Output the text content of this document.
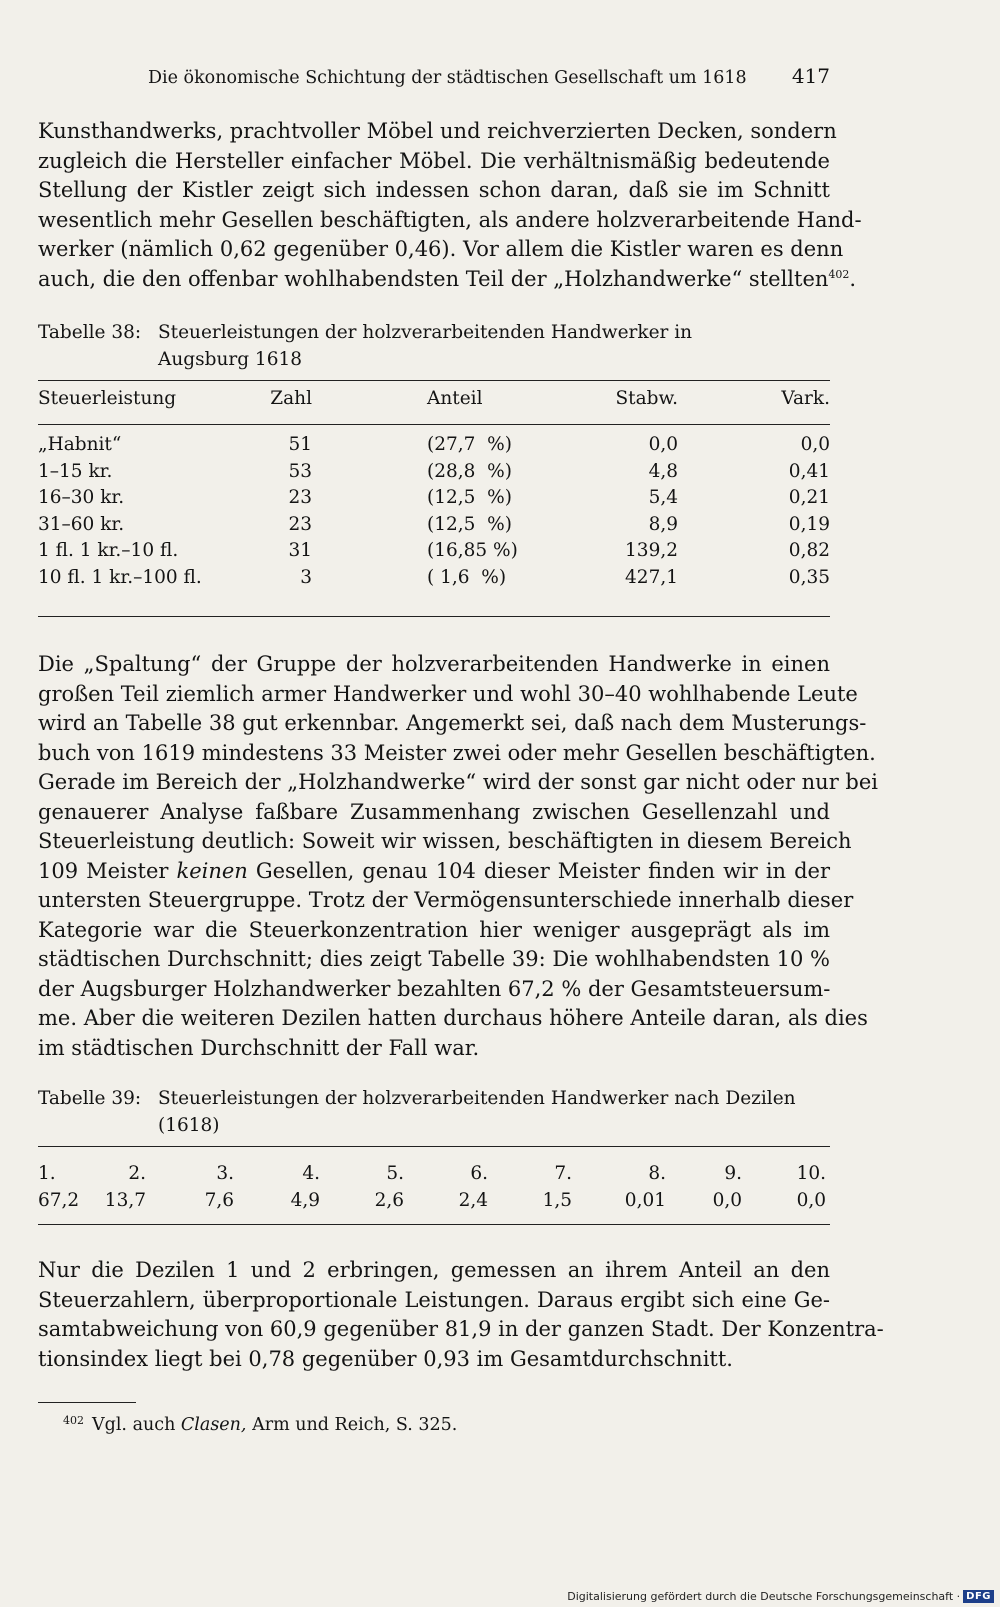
Die ökonomische Schichtung der städtischen Gesellschaft um 1618 417

Kunsthandwerks, prachtvoller Möbel und reichverzierten Decken, sondern
zugleich die Hersteller einfacher Möbel. Die verhältnismäßig bedeutende
Stellung der Kistler zeigt sich indessen schon daran, daß sie im Schnitt
wesentlich mehr Gesellen beschäftigten, als andere holzverarbeitende Hand-
werker (nämlich 0,62 gegenüber 0,46). Vor allem die Kistler waren es denn
auch, die den offenbar wohlhabendsten Teil der „Holzhandwerke“ stellten$^{402}$.

Tabelle 38: Steuerleistungen der holzverarbeitenden Handwerker in
Augsburg 1618
Steuerleistung	Zahl	Anteil	Stabw.	Vark.
„Habnit“	51	(27,7  %)	0,0	0,0
1–15 kr.	53	(28,8  %)	4,8	0,41
16–30 kr.	23	(12,5  %)	5,4	0,21
31–60 kr.	23	(12,5  %)	8,9	0,19
1 fl. 1 kr.–10 fl.	31	(16,85 %)	139,2	0,82
10 fl. 1 kr.–100 fl.	3	( 1,6  %)	427,1	0,35

Die „Spaltung“ der Gruppe der holzverarbeitenden Handwerke in einen
großen Teil ziemlich armer Handwerker und wohl 30–40 wohlhabende Leute
wird an Tabelle 38 gut erkennbar. Angemerkt sei, daß nach dem Musterungs-
buch von 1619 mindestens 33 Meister zwei oder mehr Gesellen beschäftigten.
Gerade im Bereich der „Holzhandwerke“ wird der sonst gar nicht oder nur bei
genauerer Analyse faßbare Zusammenhang zwischen Gesellenzahl und
Steuerleistung deutlich: Soweit wir wissen, beschäftigten in diesem Bereich
109 Meister keinen Gesellen, genau 104 dieser Meister finden wir in der
untersten Steuergruppe. Trotz der Vermögensunterschiede innerhalb dieser
Kategorie war die Steuerkonzentration hier weniger ausgeprägt als im
städtischen Durchschnitt; dies zeigt Tabelle 39: Die wohlhabendsten 10 %
der Augsburger Holzhandwerker bezahlten 67,2 % der Gesamtsteuersum-
me. Aber die weiteren Dezilen hatten durchaus höhere Anteile daran, als dies
im städtischen Durchschnitt der Fall war.

Tabelle 39: Steuerleistungen der holzverarbeitenden Handwerker nach Dezilen
(1618)
1.	2.	3.	4.	5.	6.	7.	8.	9.	10.
67,2 13,7	7,6	4,9	2,6	2,4	1,5	0,01	0,0	0,0

Nur die Dezilen 1 und 2 erbringen, gemessen an ihrem Anteil an den
Steuerzahlern, überproportionale Leistungen. Daraus ergibt sich eine Ge-
samtabweichung von 60,9 gegenüber 81,9 in der ganzen Stadt. Der Konzentra-
tionsindex liegt bei 0,78 gegenüber 0,93 im Gesamtdurchschnitt.

$^{402}$ Vgl. auch Clasen, Arm und Reich, S. 325.
Digitalisierung gefördert durch die Deutsche Forschungsgemeinschaft · DFG
